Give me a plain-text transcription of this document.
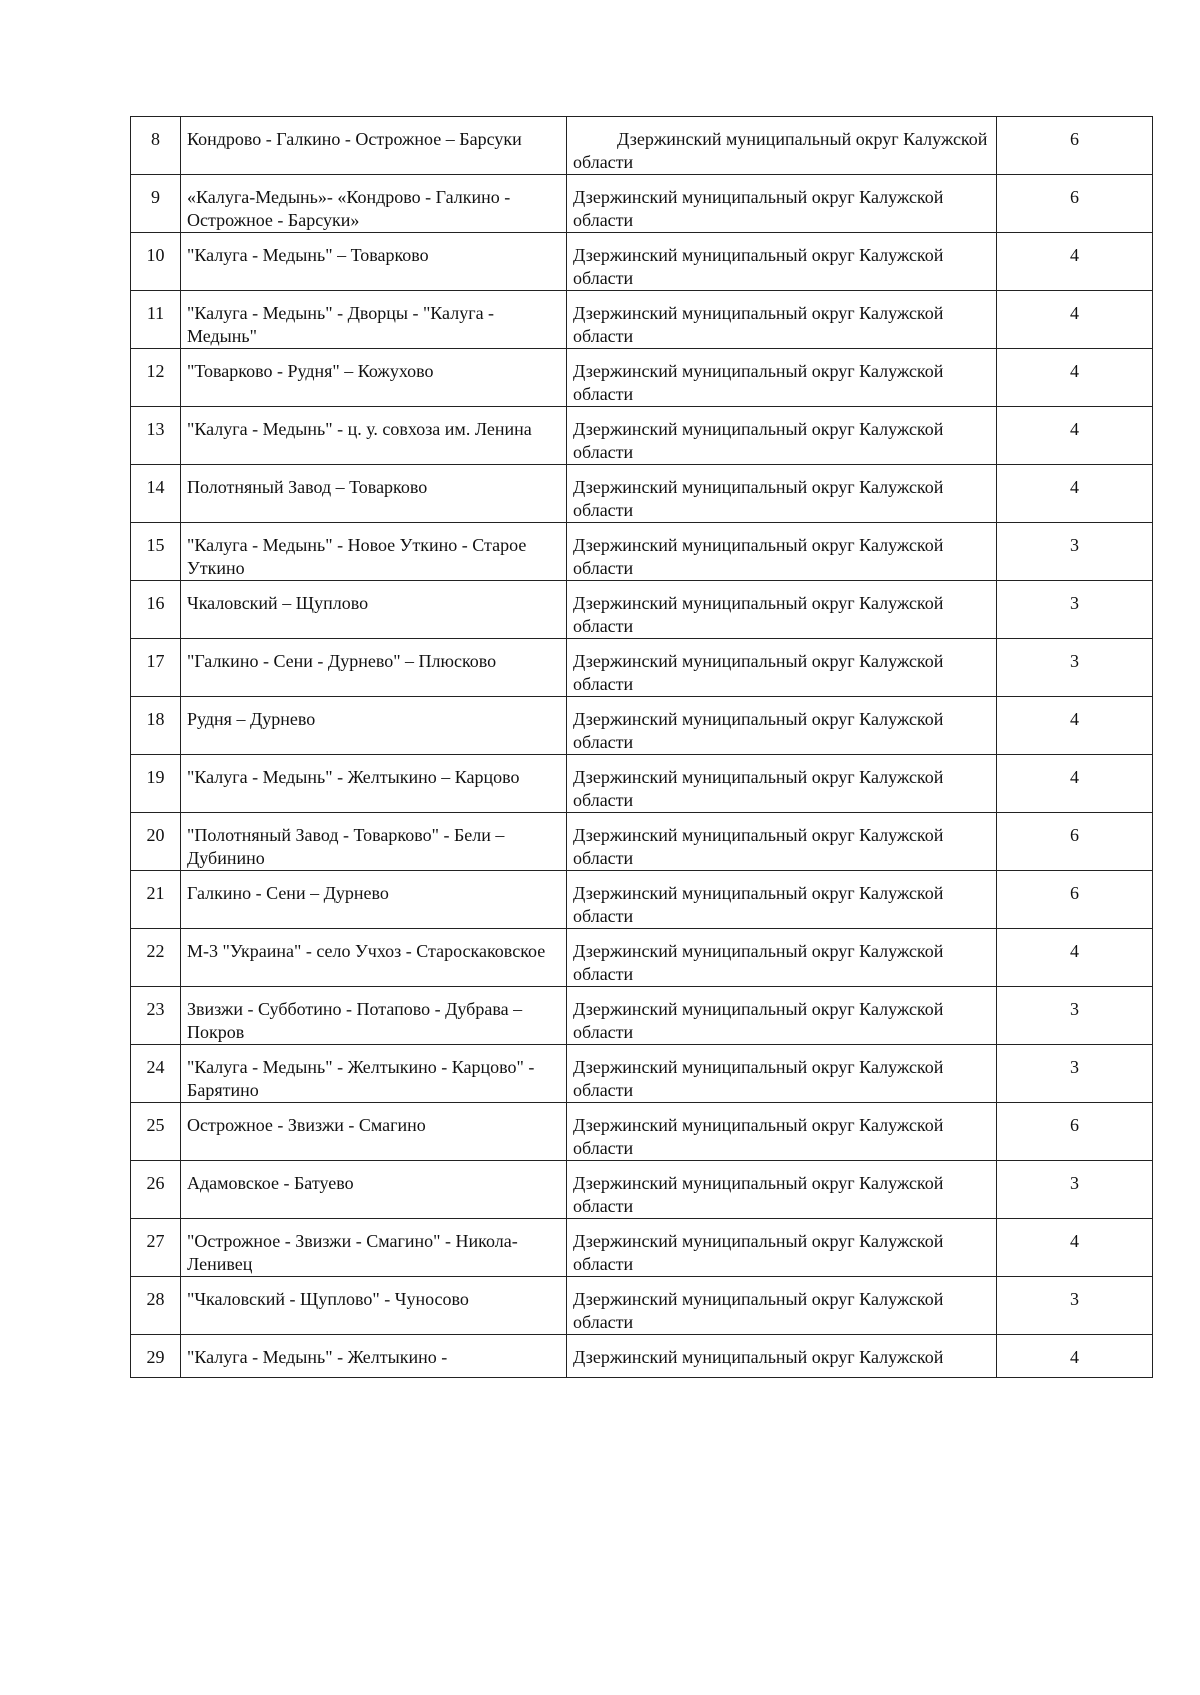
8	Кондрово - Галкино - Острожное – Барсуки	Дзержинский муниципальный округ Калужской области	6
9	«Калуга-Медынь»- «Кондрово - Галкино - Острожное - Барсуки»	Дзержинский муниципальный округ Калужской области	6
10	"Калуга - Медынь" – Товарково	Дзержинский муниципальный округ Калужской области	4
11	"Калуга - Медынь" - Дворцы - "Калуга - Медынь"	Дзержинский муниципальный округ Калужской области	4
12	"Товарково - Рудня" – Кожухово	Дзержинский муниципальный округ Калужской области	4
13	"Калуга - Медынь" - ц. у. совхоза им. Ленина	Дзержинский муниципальный округ Калужской области	4
14	Полотняный Завод – Товарково	Дзержинский муниципальный округ Калужской области	4
15	"Калуга - Медынь" - Новое Уткино - Старое Уткино	Дзержинский муниципальный округ Калужской области	3
16	Чкаловский – Щуплово	Дзержинский муниципальный округ Калужской области	3
17	"Галкино - Сени - Дурнево" – Плюсково	Дзержинский муниципальный округ Калужской области	3
18	Рудня – Дурнево	Дзержинский муниципальный округ Калужской области	4
19	"Калуга - Медынь" - Желтыкино – Карцово	Дзержинский муниципальный округ Калужской области	4
20	"Полотняный Завод - Товарково" - Бели – Дубинино	Дзержинский муниципальный округ Калужской области	6
21	Галкино - Сени – Дурнево	Дзержинский муниципальный округ Калужской области	6
22	М-3 "Украина" - село Учхоз - Староскаковское	Дзержинский муниципальный округ Калужской области	4
23	Звизжи - Субботино - Потапово - Дубрава – Покров	Дзержинский муниципальный округ Калужской области	3
24	"Калуга - Медынь" - Желтыкино - Карцово" - Барятино	Дзержинский муниципальный округ Калужской области	3
25	Острожное - Звизжи - Смагино	Дзержинский муниципальный округ Калужской области	6
26	Адамовское - Батуево	Дзержинский муниципальный округ Калужской области	3
27	"Острожное - Звизжи - Смагино" - Никола-Ленивец	Дзержинский муниципальный округ Калужской области	4
28	"Чкаловский - Щуплово" - Чуносово	Дзержинский муниципальный округ Калужской области	3
29	"Калуга - Медынь" - Желтыкино -	Дзержинский муниципальный округ Калужской	4
